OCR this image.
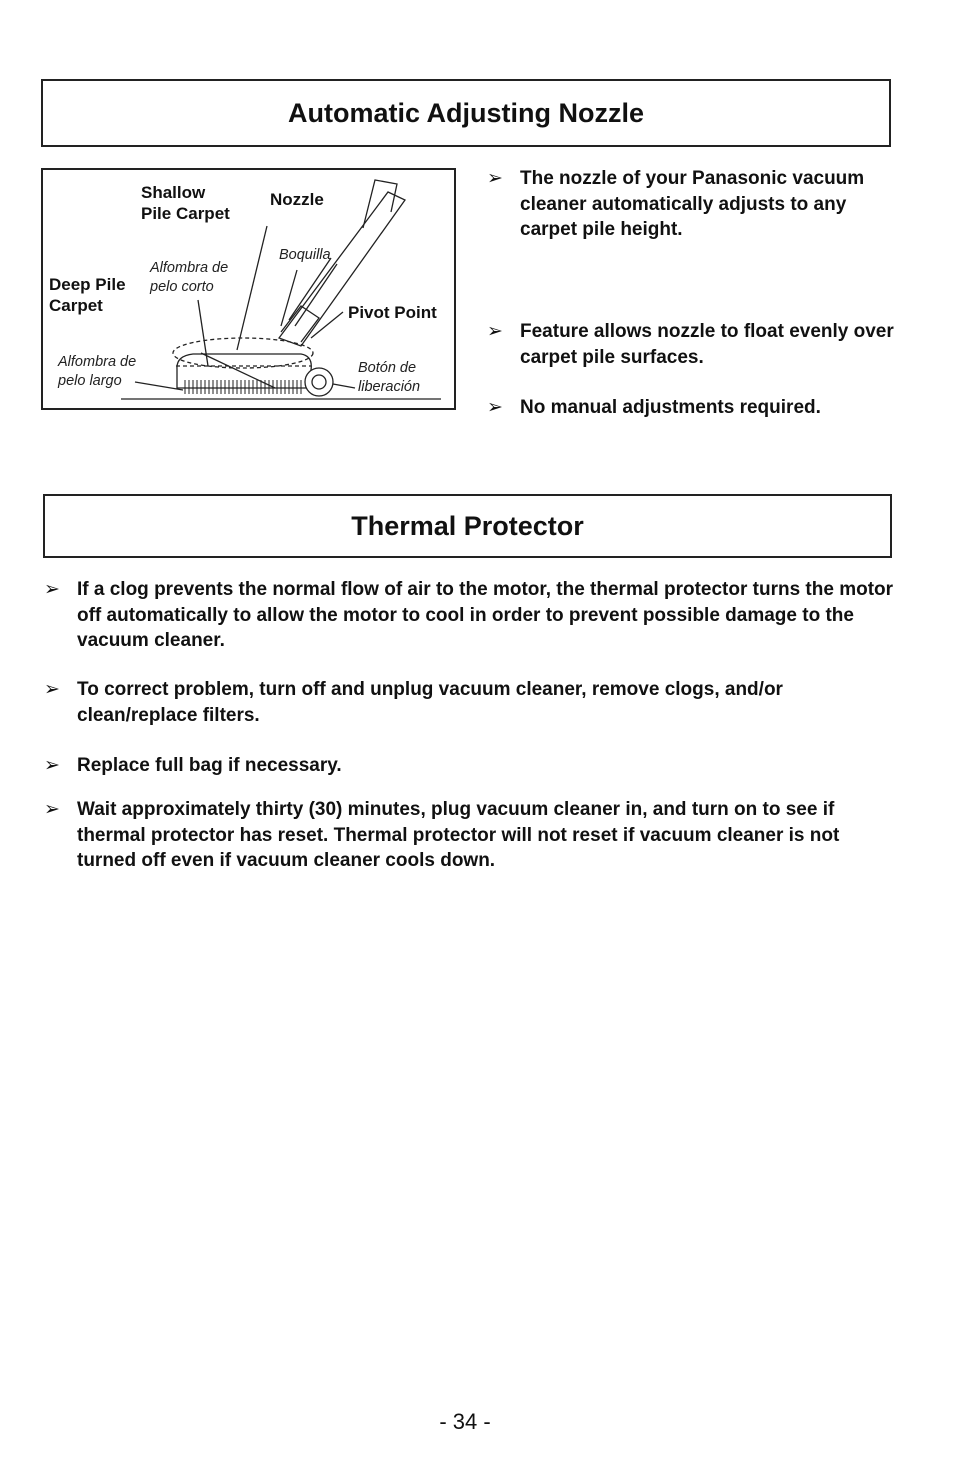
Automatic Adjusting Nozzle
Shallow
Pile Carpet
Nozzle
Boquilla
Alfombra de
pelo corto
Deep Pile
Carpet	Pivot Point
Alfombra de
pelo largo
Botón de
liberación
➢ The nozzle of your Panasonic vacuum cleaner automatically adjusts to any carpet pile height.
➢ Feature allows nozzle to float evenly over carpet pile surfaces.
➢ No manual adjustments required.
Thermal Protector
➢ If a clog prevents the normal flow of air to the motor, the thermal protector turns the motor off automatically to allow the motor to cool in order to prevent possible damage to the vacuum cleaner.
➢ To correct problem, turn off and unplug vacuum cleaner, remove clogs, and/or clean/replace filters.
➢ Replace full bag if necessary.
➢ Wait approximately thirty (30) minutes, plug vacuum cleaner in, and turn on to see if thermal protector has reset. Thermal protector will not reset if vacuum cleaner is not turned off even if vacuum cleaner cools down.
- 34 -
